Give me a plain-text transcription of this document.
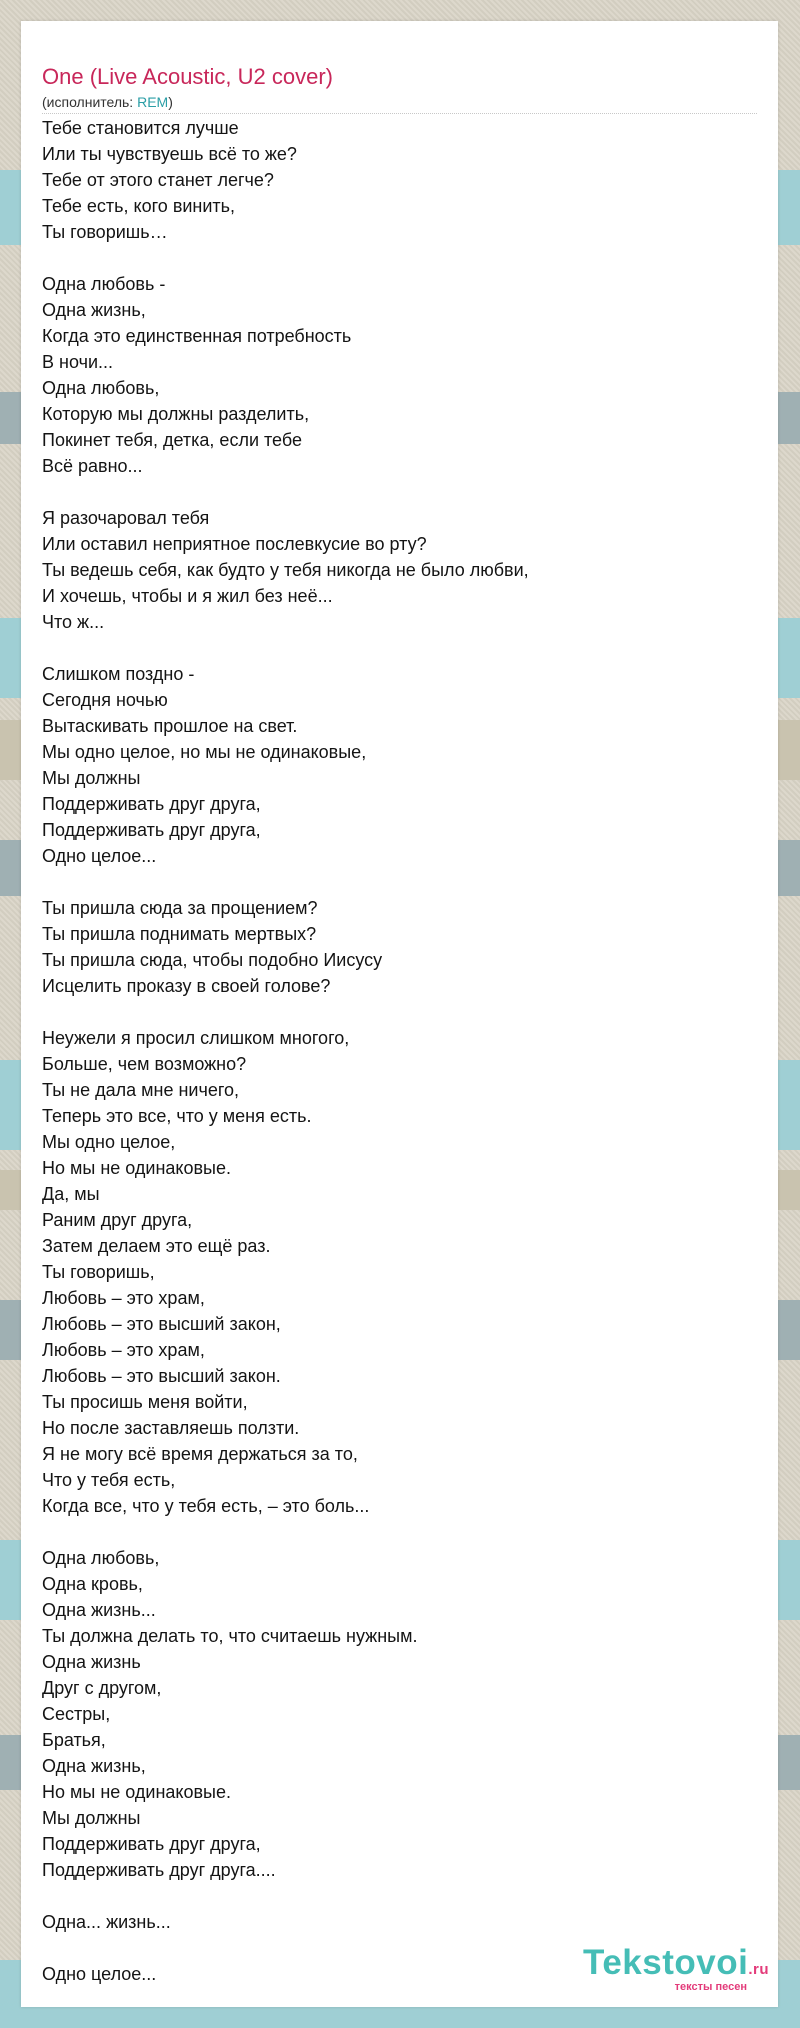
One (Live Acoustic, U2 cover)
(исполнитель: REM)
Тебе становится лучше
Или ты чувствуешь всё то же?
Тебе от этого станет легче?
Тебе есть, кого винить,
Ты говоришь…
Одна любовь -
Одна жизнь,
Когда это единственная потребность
В ночи...
Одна любовь,
Которую мы должны разделить,
Покинет тебя, детка, если тебе
Всё равно...
Я разочаровал тебя
Или оставил неприятное послевкусие во рту?
Ты ведешь себя, как будто у тебя никогда не было любви,
И хочешь, чтобы и я жил без неё...
Что ж...
Слишком поздно -
Сегодня ночью
Вытаскивать прошлое на свет.
Мы одно целое, но мы не одинаковые,
Мы должны
Поддерживать друг друга,
Поддерживать друг друга,
Одно целое...
Ты пришла сюда за прощением?
Ты пришла поднимать мертвых?
Ты пришла сюда, чтобы подобно Иисусу
Исцелить проказу в своей голове?
Неужели я просил слишком многого,
Больше, чем возможно?
Ты не дала мне ничего,
Теперь это все, что у меня есть.
Мы одно целое,
Но мы не одинаковые.
Да, мы
Раним друг друга,
Затем делаем это ещё раз.
Ты говоришь,
Любовь – это храм,
Любовь – это высший закон,
Любовь – это храм,
Любовь – это высший закон.
Ты просишь меня войти,
Но после заставляешь ползти.
Я не могу всё время держаться за то,
Что у тебя есть,
Когда все, что у тебя есть, – это боль...
Одна любовь,
Одна кровь,
Одна жизнь...
Ты должна делать то, что считаешь нужным.
Одна жизнь
Друг с другом,
Сестры,
Братья,
Одна жизнь,
Но мы не одинаковые.
Мы должны
Поддерживать друг друга,
Поддерживать друг друга....
Одна... жизнь...
Одно целое...	Tekstovoi.ru
тексты песен
